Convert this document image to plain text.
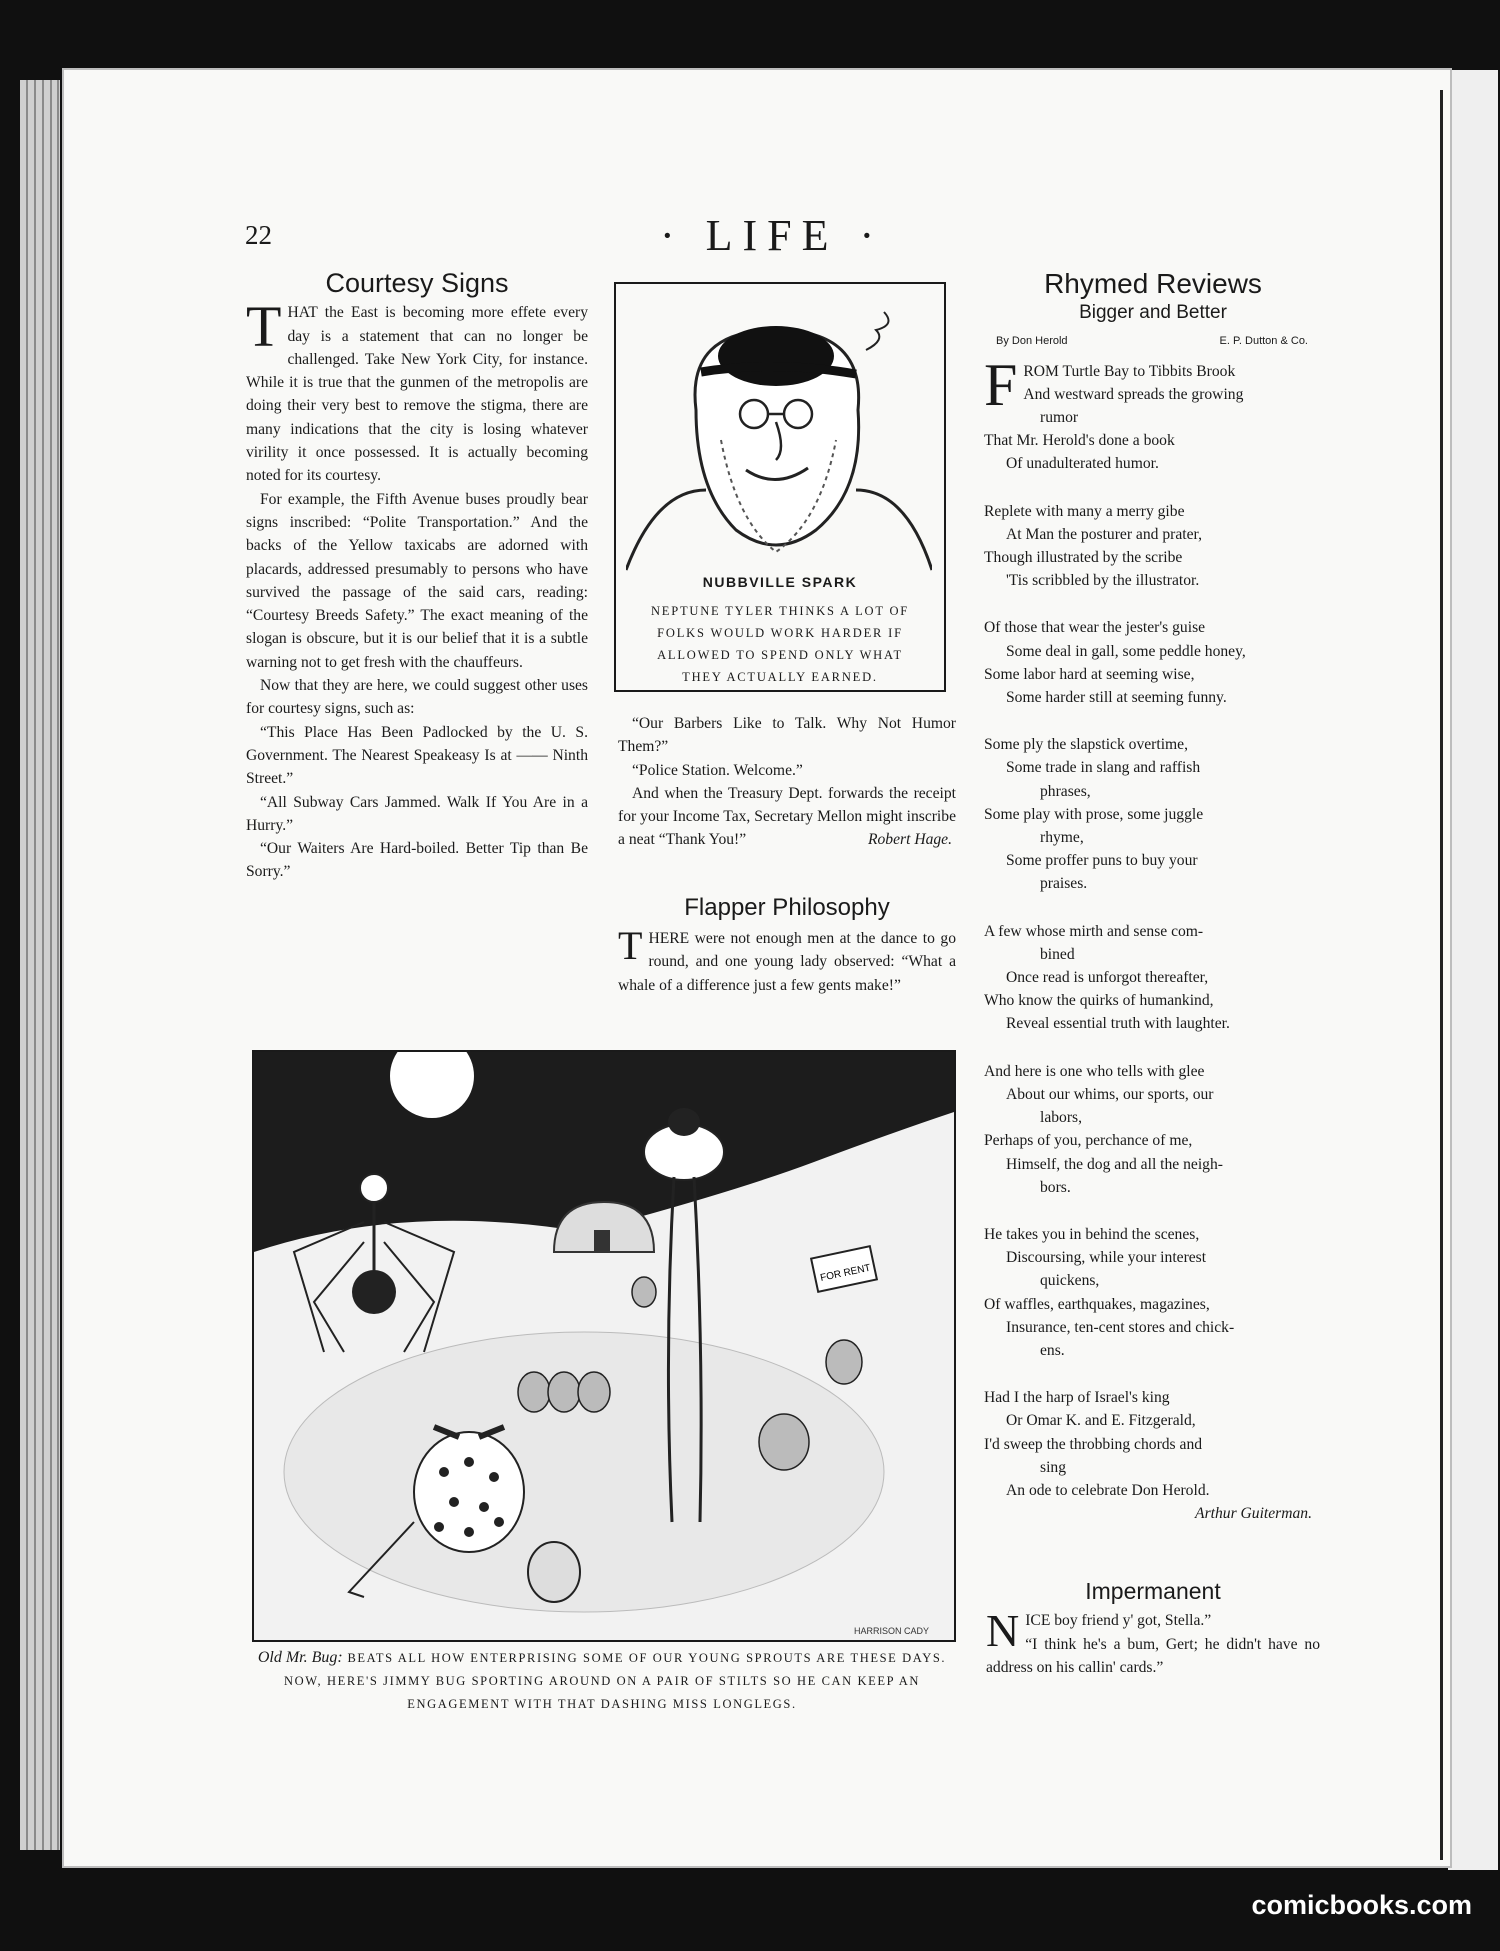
22	· LIFE ·
Courtesy Signs

THAT the East is becoming more effete every day is a statement that can no longer be challenged. Take New York City, for instance. While it is true that the gunmen of the metropolis are doing their very best to remove the stigma, there are many indications that the city is losing whatever virility it once possessed. It is actually becoming noted for its courtesy.

For example, the Fifth Avenue buses proudly bear signs inscribed: “Polite Transportation.” And the backs of the Yellow taxicabs are adorned with placards, addressed presumably to persons who have survived the passage of the said cars, reading: “Courtesy Breeds Safety.” The exact meaning of the slogan is obscure, but it is our belief that it is a subtle warning not to get fresh with the chauffeurs.

Now that they are here, we could suggest other uses for courtesy signs, such as:

“This Place Has Been Padlocked by the U. S. Government. The Nearest Speakeasy Is at —— Ninth Street.”

“All Subway Cars Jammed. Walk If You Are in a Hurry.”

“Our Waiters Are Hard-boiled. Better Tip than Be Sorry.”

NUBBVILLE SPARK
NEPTUNE TYLER THINKS A LOT OF FOLKS WOULD WORK HARDER IF ALLOWED TO SPEND ONLY WHAT THEY ACTUALLY EARNED.

“Our Barbers Like to Talk. Why Not Humor Them?”

“Police Station. Welcome.”

And when the Treasury Dept. forwards the receipt for your Income Tax, Secretary Mellon might inscribe a neat “Thank You!”	Robert Hage.

Flapper Philosophy

THERE were not enough men at the dance to go round, and one young lady observed: “What a whale of a difference just a few gents make!”

Rhymed Reviews
Bigger and Better
By Don Herold	E. P. Dutton & Co.
F ROM Turtle Bay to Tibbits Brook
And westward spreads the growing
rumor
That Mr. Herold's done a book
Of unadulterated humor.
Replete with many a merry gibe
At Man the posturer and prater,
Though illustrated by the scribe
'Tis scribbled by the illustrator.
Of those that wear the jester's guise
Some deal in gall, some peddle honey,
Some labor hard at seeming wise,
Some harder still at seeming funny.
Some ply the slapstick overtime,
Some trade in slang and raffish
phrases,
Some play with prose, some juggle
rhyme,
Some proffer puns to buy your
praises.
A few whose mirth and sense com-
bined
Once read is unforgot thereafter,
Who know the quirks of humankind,
Reveal essential truth with laughter.
And here is one who tells with glee
About our whims, our sports, our
labors,
Perhaps of you, perchance of me,
Himself, the dog and all the neigh-
bors.
He takes you in behind the scenes,
Discoursing, while your interest
quickens,
Of waffles, earthquakes, magazines,
Insurance, ten-cent stores and chick-
ens.
Had I the harp of Israel's king
Or Omar K. and E. Fitzgerald,
I'd sweep the throbbing chords and
sing
An ode to celebrate Don Herold.
Arthur Guiterman.
Impermanent

NICE boy friend y' got, Stella.”
“I think he's a bum, Gert; he didn't have no address on his callin' cards.”

FOR RENT
HARRISON CADY
Old Mr. Bug: BEATS ALL HOW ENTERPRISING SOME OF OUR YOUNG SPROUTS ARE THESE DAYS. NOW, HERE'S JIMMY BUG SPORTING AROUND ON A PAIR OF STILTS SO HE CAN KEEP AN ENGAGEMENT WITH THAT DASHING MISS LONGLEGS.
comicbooks.com
